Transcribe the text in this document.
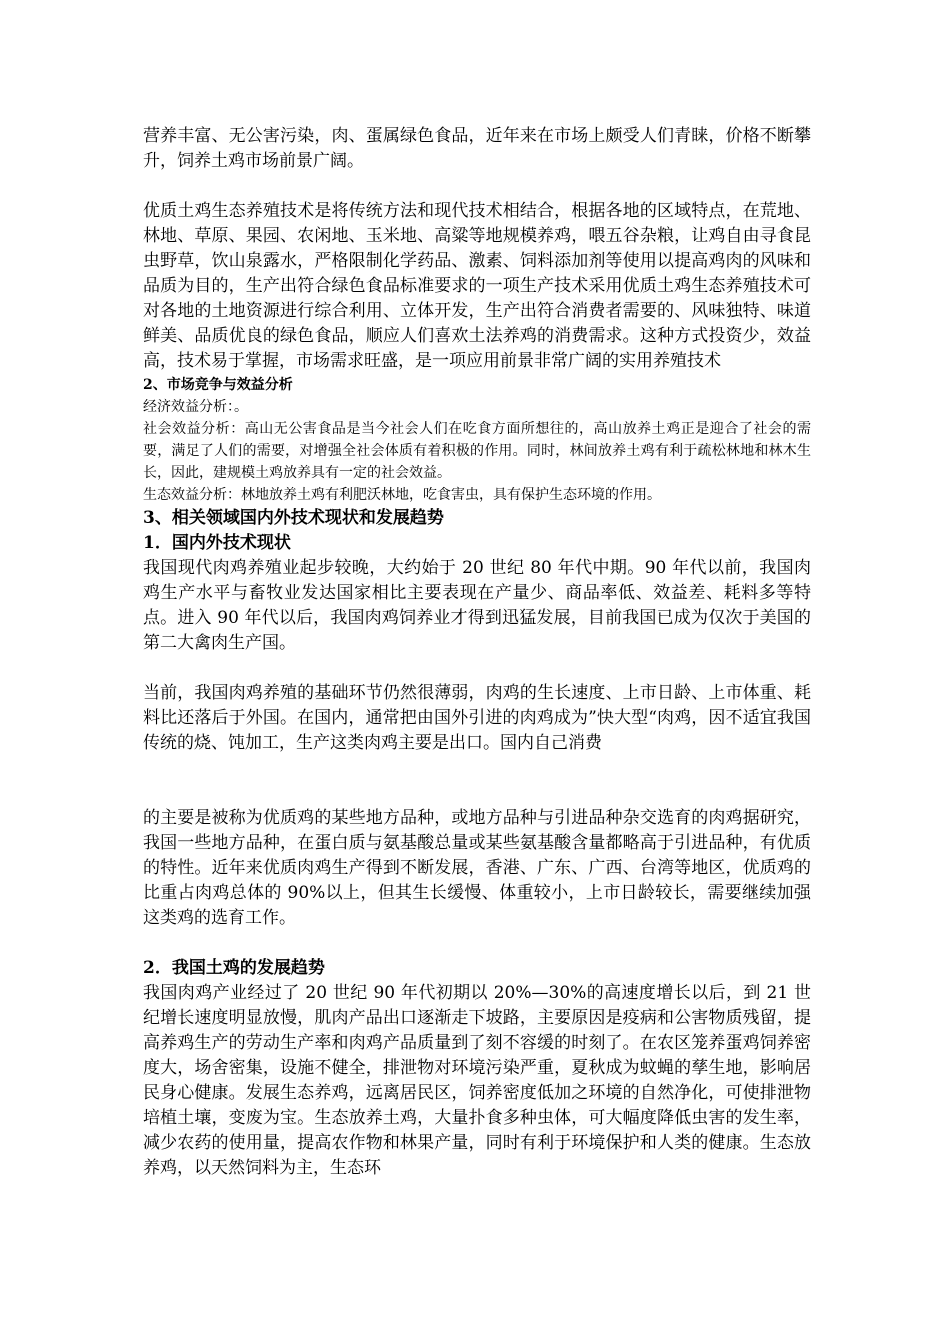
营养丰富、无公害污染，肉、蛋属绿色食品，近年来在市场上颇受人们青睐，价格不断攀升，饲养土鸡市场前景广阔。

优质土鸡生态养殖技术是将传统方法和现代技术相结合，根据各地的区域特点，在荒地、林地、草原、果园、农闲地、玉米地、高粱等地规模养鸡，喂五谷杂粮，让鸡自由寻食昆虫野草，饮山泉露水，严格限制化学药品、激素、饲料添加剂等使用以提高鸡肉的风味和品质为目的，生产出符合绿色食品标准要求的一项生产技术采用优质土鸡生态养殖技术可对各地的土地资源进行综合利用、立体开发，生产出符合消费者需要的、风味独特、味道鲜美、品质优良的绿色食品，顺应人们喜欢土法养鸡的消费需求。这种方式投资少，效益高，技术易于掌握，市场需求旺盛，是一项应用前景非常广阔的实用养殖技术

2、市场竞争与效益分析

经济效益分析：。

社会效益分析：高山无公害食品是当今社会人们在吃食方面所想往的，高山放养土鸡正是迎合了社会的需要，满足了人们的需要，对增强全社会体质有着积极的作用。同时，林间放养土鸡有利于疏松林地和林木生长，因此，建规模土鸡放养具有一定的社会效益。

生态效益分析：林地放养土鸡有利肥沃林地，吃食害虫，具有保护生态环境的作用。

3、相关领域国内外技术现状和发展趋势

1．国内外技术现状

我国现代肉鸡养殖业起步较晚，大约始于 20 世纪 80 年代中期。90 年代以前，我国肉鸡生产水平与畜牧业发达国家相比主要表现在产量少、商品率低、效益差、耗料多等特点。进入 90 年代以后，我国肉鸡饲养业才得到迅猛发展，目前我国已成为仅次于美国的第二大禽肉生产国。

当前，我国肉鸡养殖的基础环节仍然很薄弱，肉鸡的生长速度、上市日龄、上市体重、耗料比还落后于外国。在国内，通常把由国外引进的肉鸡成为”快大型“肉鸡，因不适宜我国传统的烧、饨加工，生产这类肉鸡主要是出口。国内自己消费

的主要是被称为优质鸡的某些地方品种，或地方品种与引进品种杂交选育的肉鸡据研究，我国一些地方品种，在蛋白质与氨基酸总量或某些氨基酸含量都略高于引进品种，有优质的特性。近年来优质肉鸡生产得到不断发展，香港、广东、广西、台湾等地区，优质鸡的比重占肉鸡总体的 90%以上，但其生长缓慢、体重较小，上市日龄较长，需要继续加强这类鸡的选育工作。

2．我国土鸡的发展趋势

我国肉鸡产业经过了 20 世纪 90 年代初期以 20%—30%的高速度增长以后，到 21 世纪增长速度明显放慢，肌肉产品出口逐渐走下坡路，主要原因是疫病和公害物质残留，提高养鸡生产的劳动生产率和肉鸡产品质量到了刻不容缓的时刻了。在农区笼养蛋鸡饲养密度大，场舍密集，设施不健全，排泄物对环境污染严重，夏秋成为蚊蝇的孳生地，影响居民身心健康。发展生态养鸡，远离居民区，饲养密度低加之环境的自然净化，可使排泄物培植土壤，变废为宝。生态放养土鸡，大量扑食多种虫体，可大幅度降低虫害的发生率，减少农药的使用量，提高农作物和林果产量，同时有利于环境保护和人类的健康。生态放养鸡，以天然饲料为主，生态环
